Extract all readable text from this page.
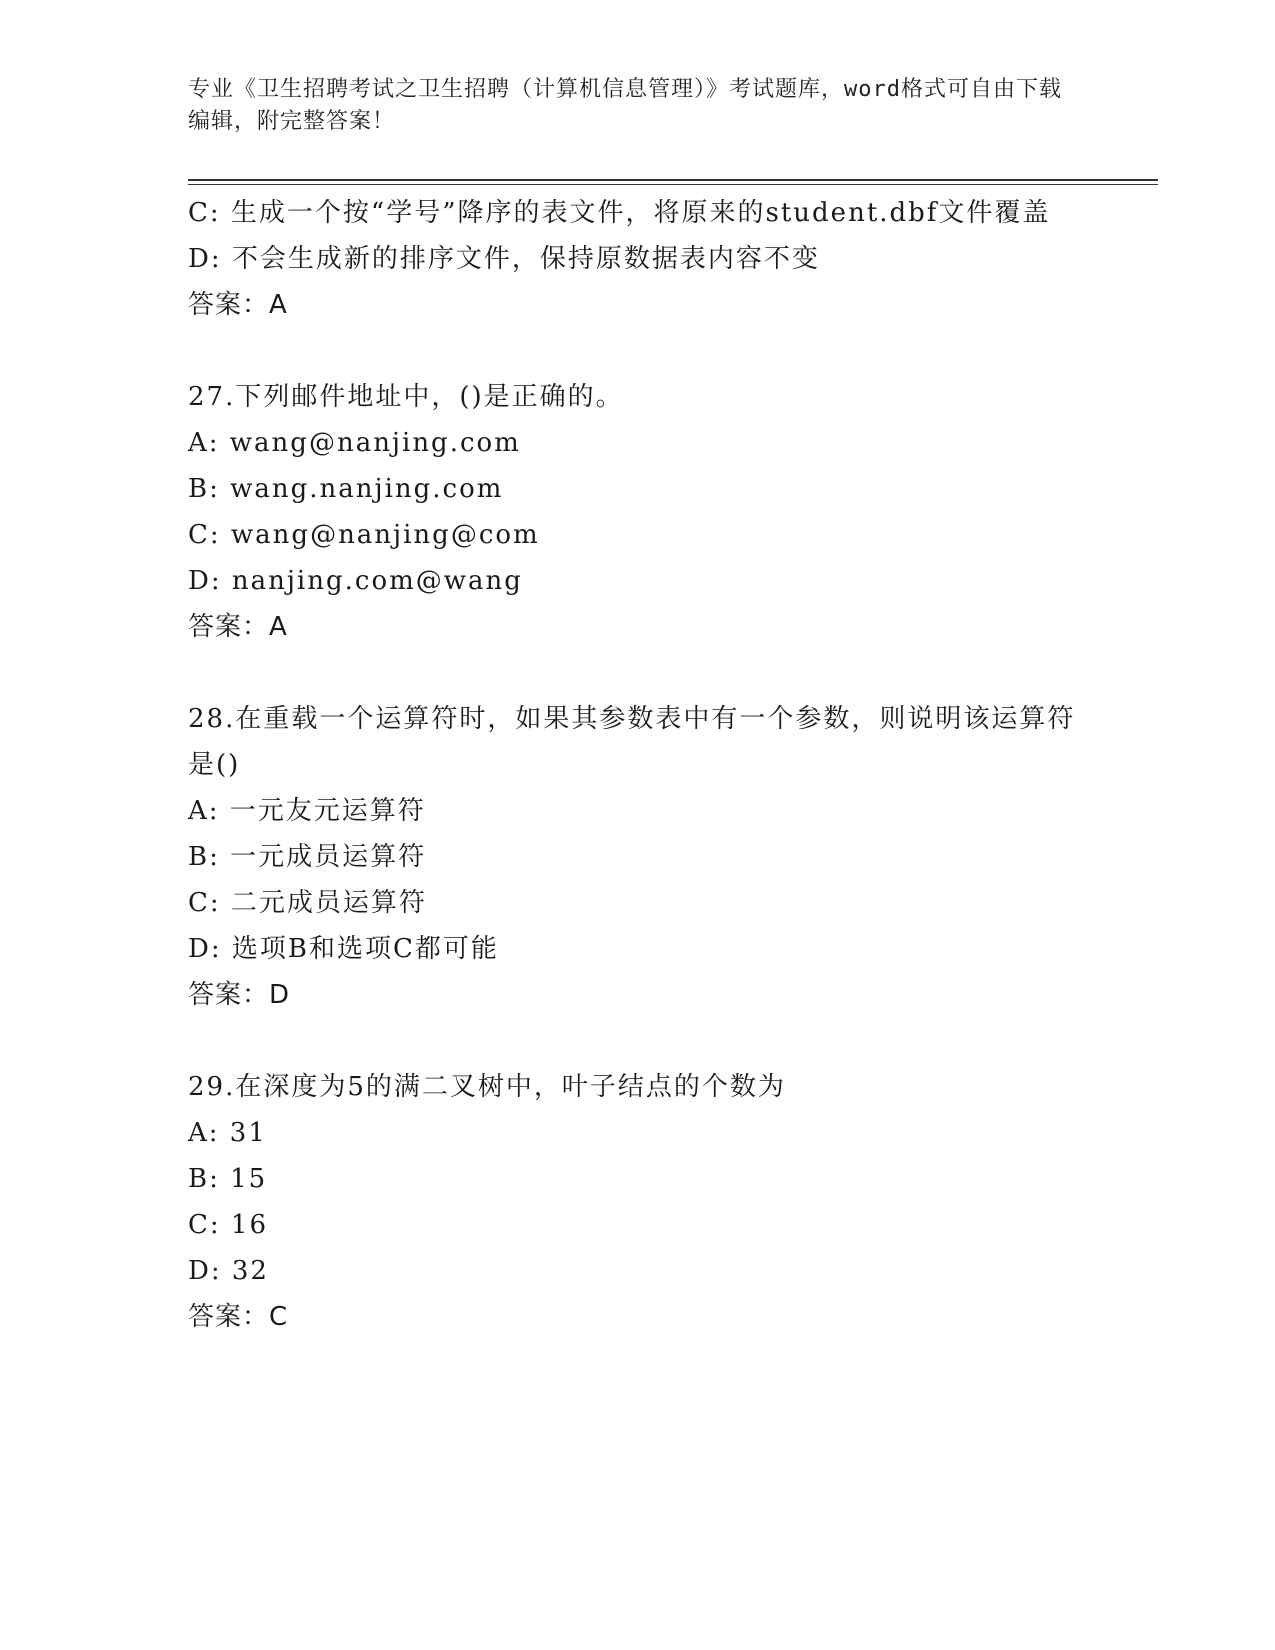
专业《卫生招聘考试之卫生招聘（计算机信息管理）》考试题库，word格式可自由下载编辑，附完整答案！

C: 生成一个按“学号”降序的表文件，将原来的student.dbf文件覆盖

D: 不会生成新的排序文件，保持原数据表内容不变

答案：A

27.下列邮件地址中，()是正确的。

A: wang@nanjing.com

B: wang.nanjing.com

C: wang@nanjing@com

D: nanjing.com@wang

答案：A

28.在重载一个运算符时，如果其参数表中有一个参数，则说明该运算符是()

A: 一元友元运算符

B: 一元成员运算符

C: 二元成员运算符

D: 选项B和选项C都可能

答案：D

29.在深度为5的满二叉树中，叶子结点的个数为

A: 31

B: 15

C: 16

D: 32

答案：C
